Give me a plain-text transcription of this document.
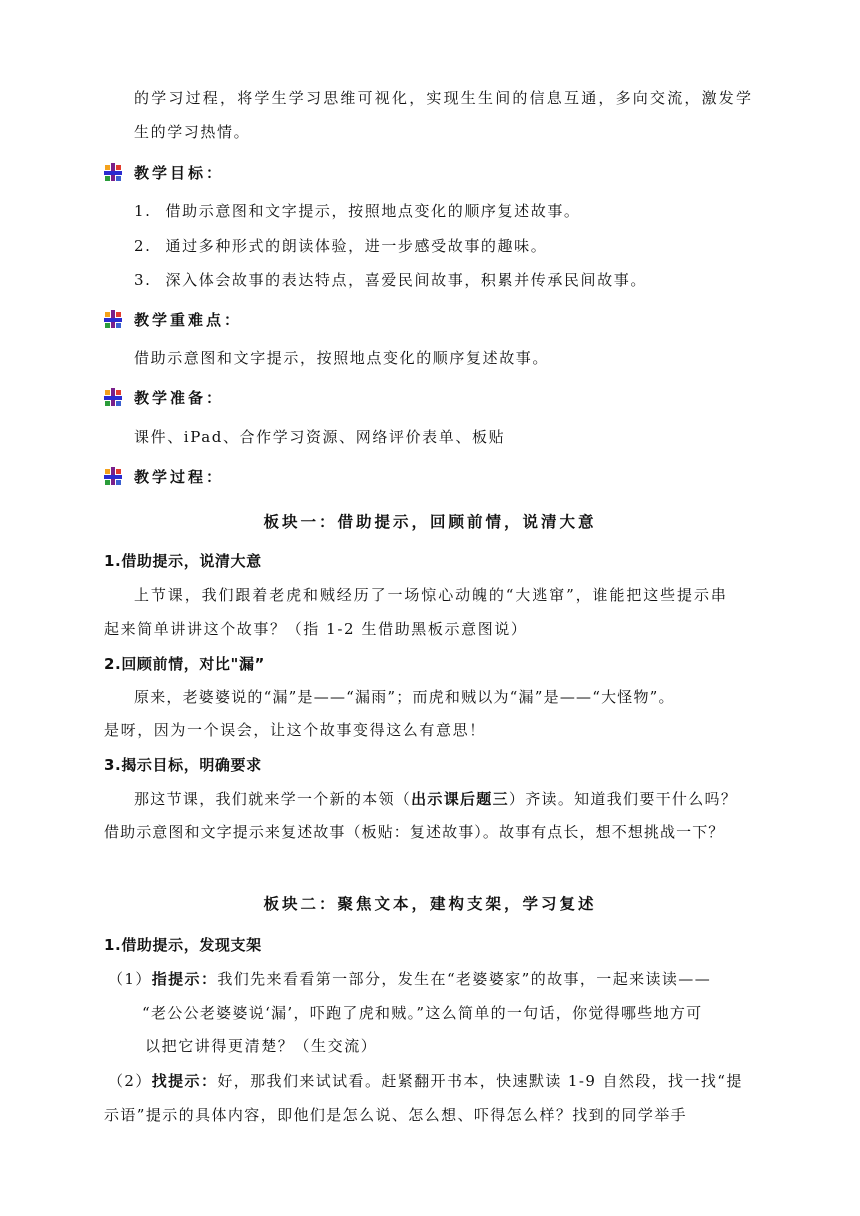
的学习过程，将学生学习思维可视化，实现生生间的信息互通，多向交流，激发学
生的学习热情。
教学目标：
1. 借助示意图和文字提示，按照地点变化的顺序复述故事。
2. 通过多种形式的朗读体验，进一步感受故事的趣味。
3. 深入体会故事的表达特点，喜爱民间故事，积累并传承民间故事。
教学重难点：
借助示意图和文字提示，按照地点变化的顺序复述故事。
教学准备：
课件、iPad、合作学习资源、网络评价表单、板贴
教学过程：
板块一：借助提示，回顾前情，说清大意
1.借助提示，说清大意
上节课，我们跟着老虎和贼经历了一场惊心动魄的“大逃窜”，谁能把这些提示串
起来简单讲讲这个故事？（指 1-2 生借助黑板示意图说）
2.回顾前情，对比"漏”
原来，老婆婆说的“漏”是——“漏雨”；而虎和贼以为“漏”是——“大怪物”。
是呀，因为一个误会，让这个故事变得这么有意思！
3.揭示目标，明确要求
那这节课，我们就来学一个新的本领（出示课后题三）齐读。知道我们要干什么吗？
借助示意图和文字提示来复述故事（板贴：复述故事）。故事有点长，想不想挑战一下？
板块二：聚焦文本，建构支架，学习复述
1.借助提示，发现支架
（1）指提示：我们先来看看第一部分，发生在“老婆婆家”的故事，一起来读读——
“老公公老婆婆说‘漏’，吓跑了虎和贼。”这么简单的一句话，你觉得哪些地方可
以把它讲得更清楚？（生交流）
（2）找提示：好，那我们来试试看。赶紧翻开书本，快速默读 1-9 自然段，找一找“提
示语”提示的具体内容，即他们是怎么说、怎么想、吓得怎么样？找到的同学举手
